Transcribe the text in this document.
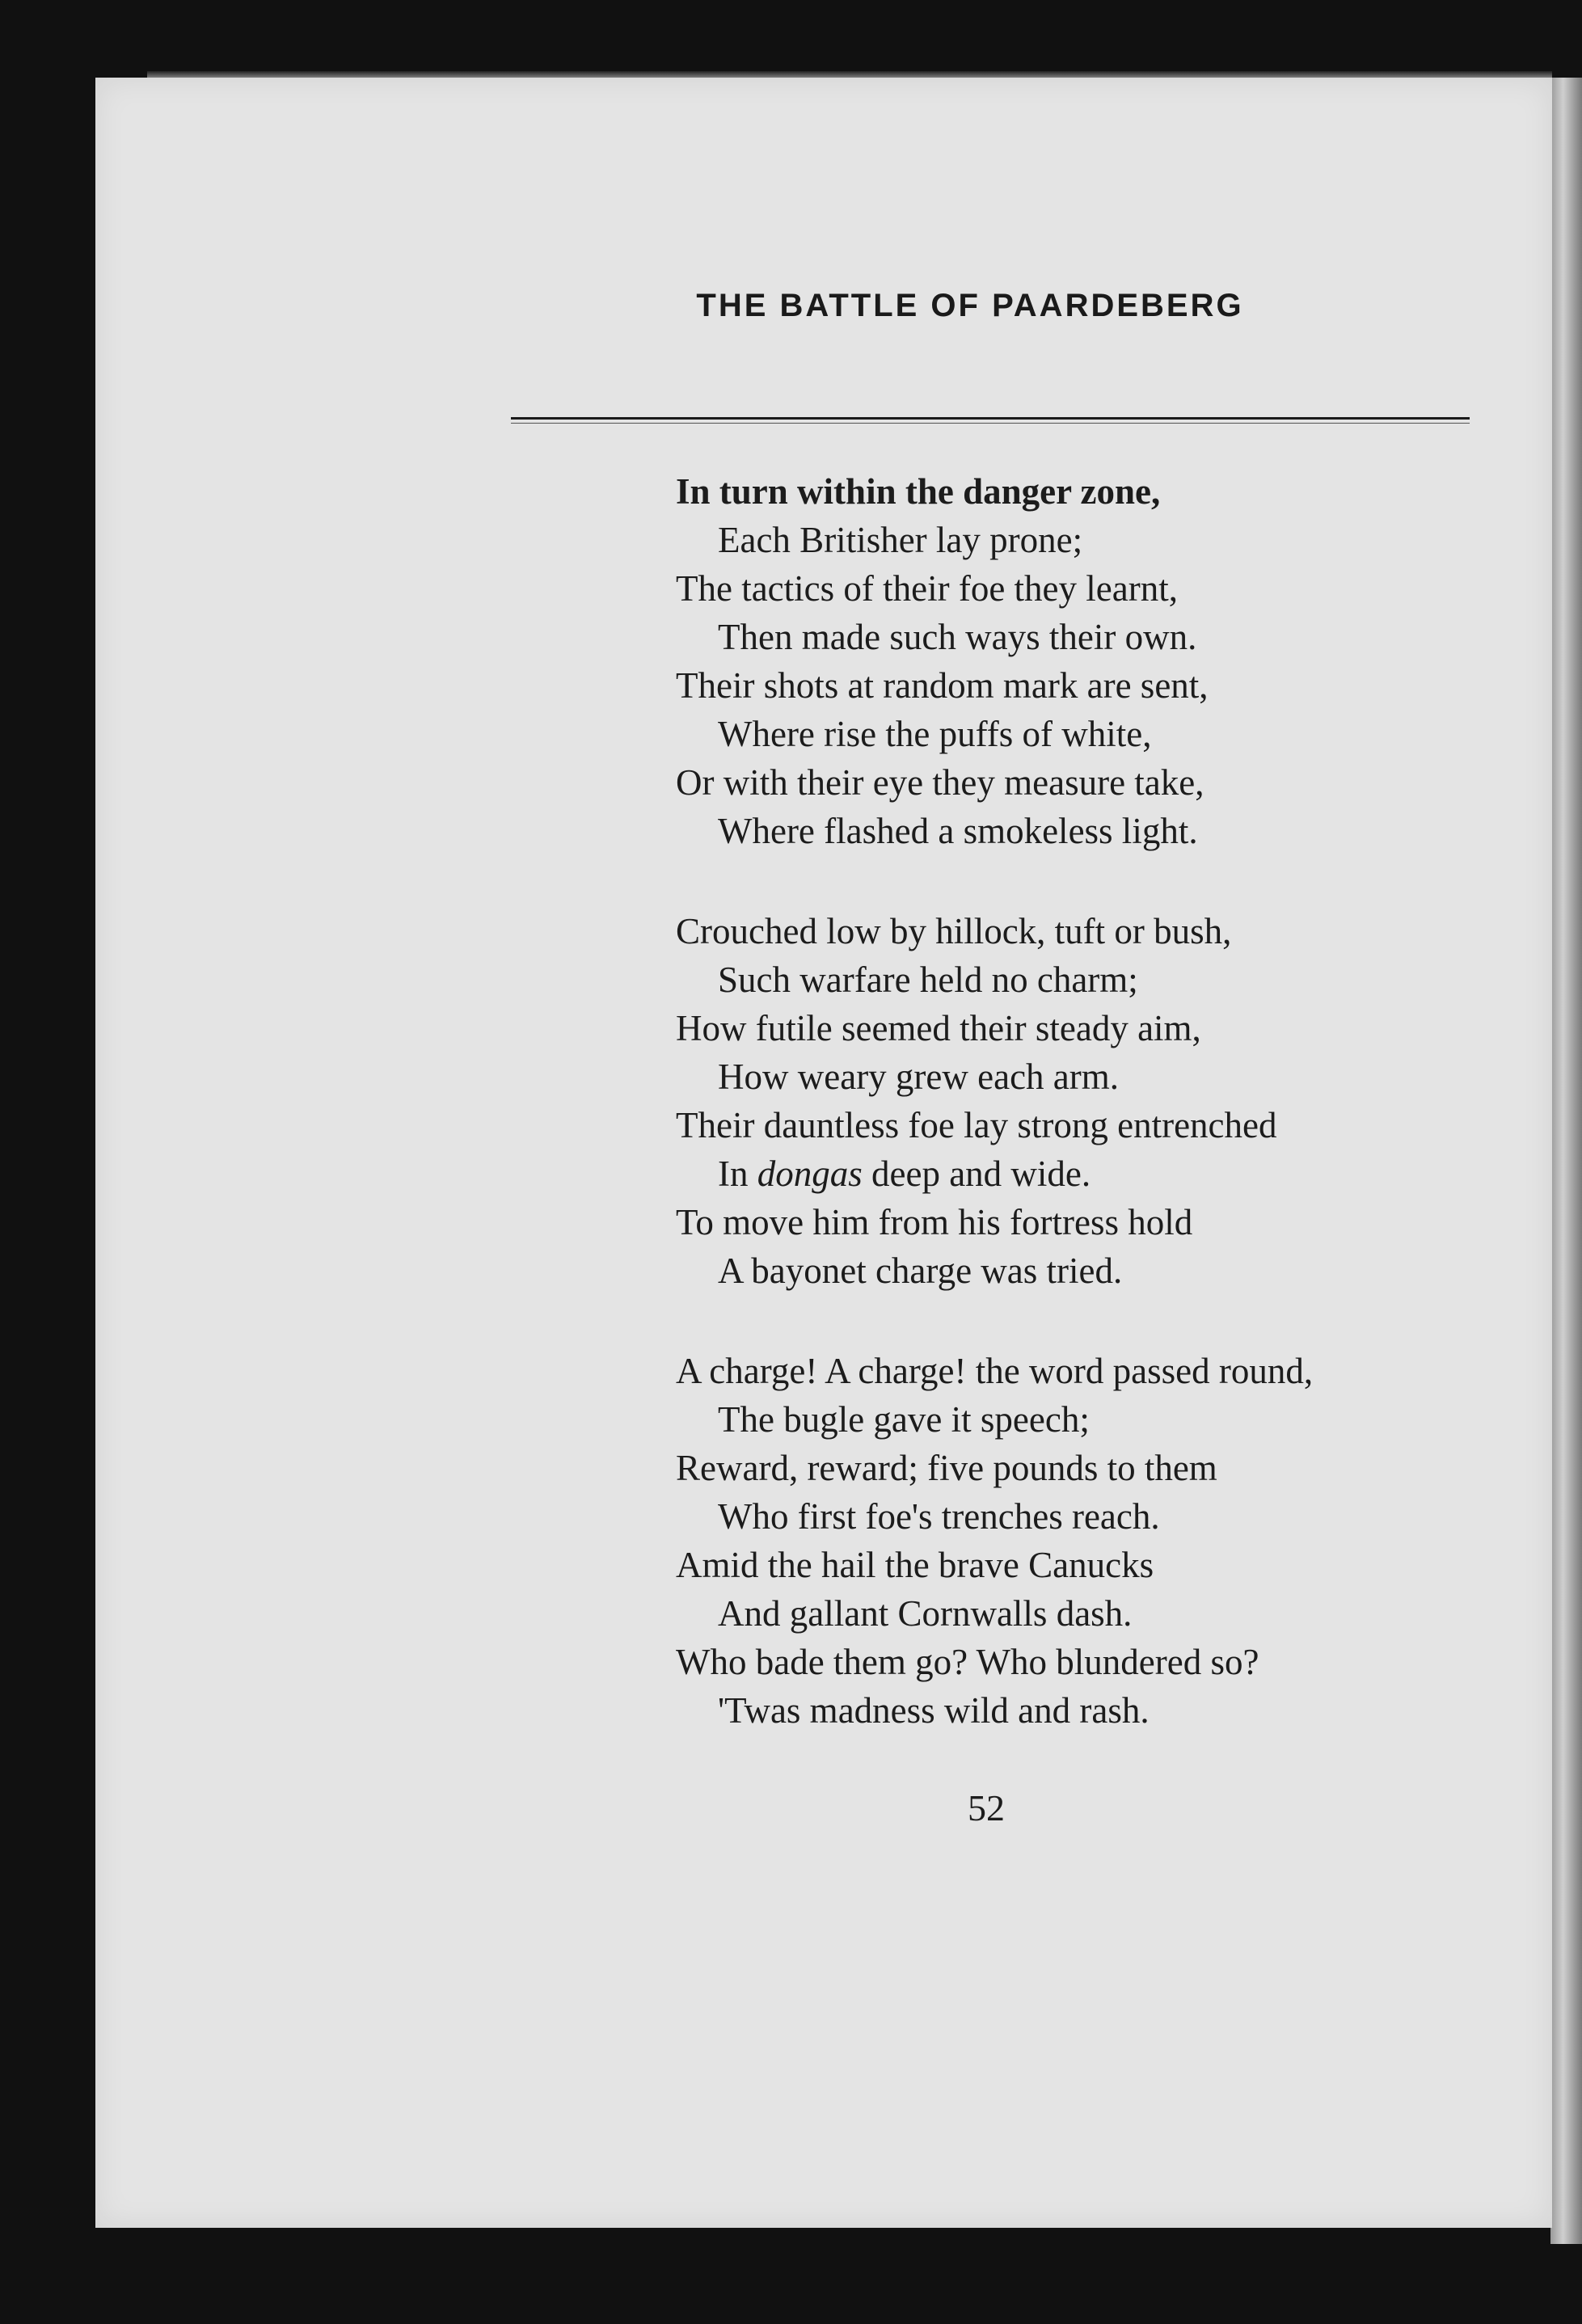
THE BATTLE OF PAARDEBERG
In turn within the danger zone,
Each Britisher lay prone;
The tactics of their foe they learnt,
Then made such ways their own.
Their shots at random mark are sent,
Where rise the puffs of white,
Or with their eye they measure take,
Where flashed a smokeless light.
Crouched low by hillock, tuft or bush,
Such warfare held no charm;
How futile seemed their steady aim,
How weary grew each arm.
Their dauntless foe lay strong entrenched
In dongas deep and wide.
To move him from his fortress hold
A bayonet charge was tried.
A charge! A charge! the word passed round,
The bugle gave it speech;
Reward, reward; five pounds to them
Who first foe's trenches reach.
Amid the hail the brave Canucks
And gallant Cornwalls dash.
Who bade them go? Who blundered so?
'Twas madness wild and rash.

52
